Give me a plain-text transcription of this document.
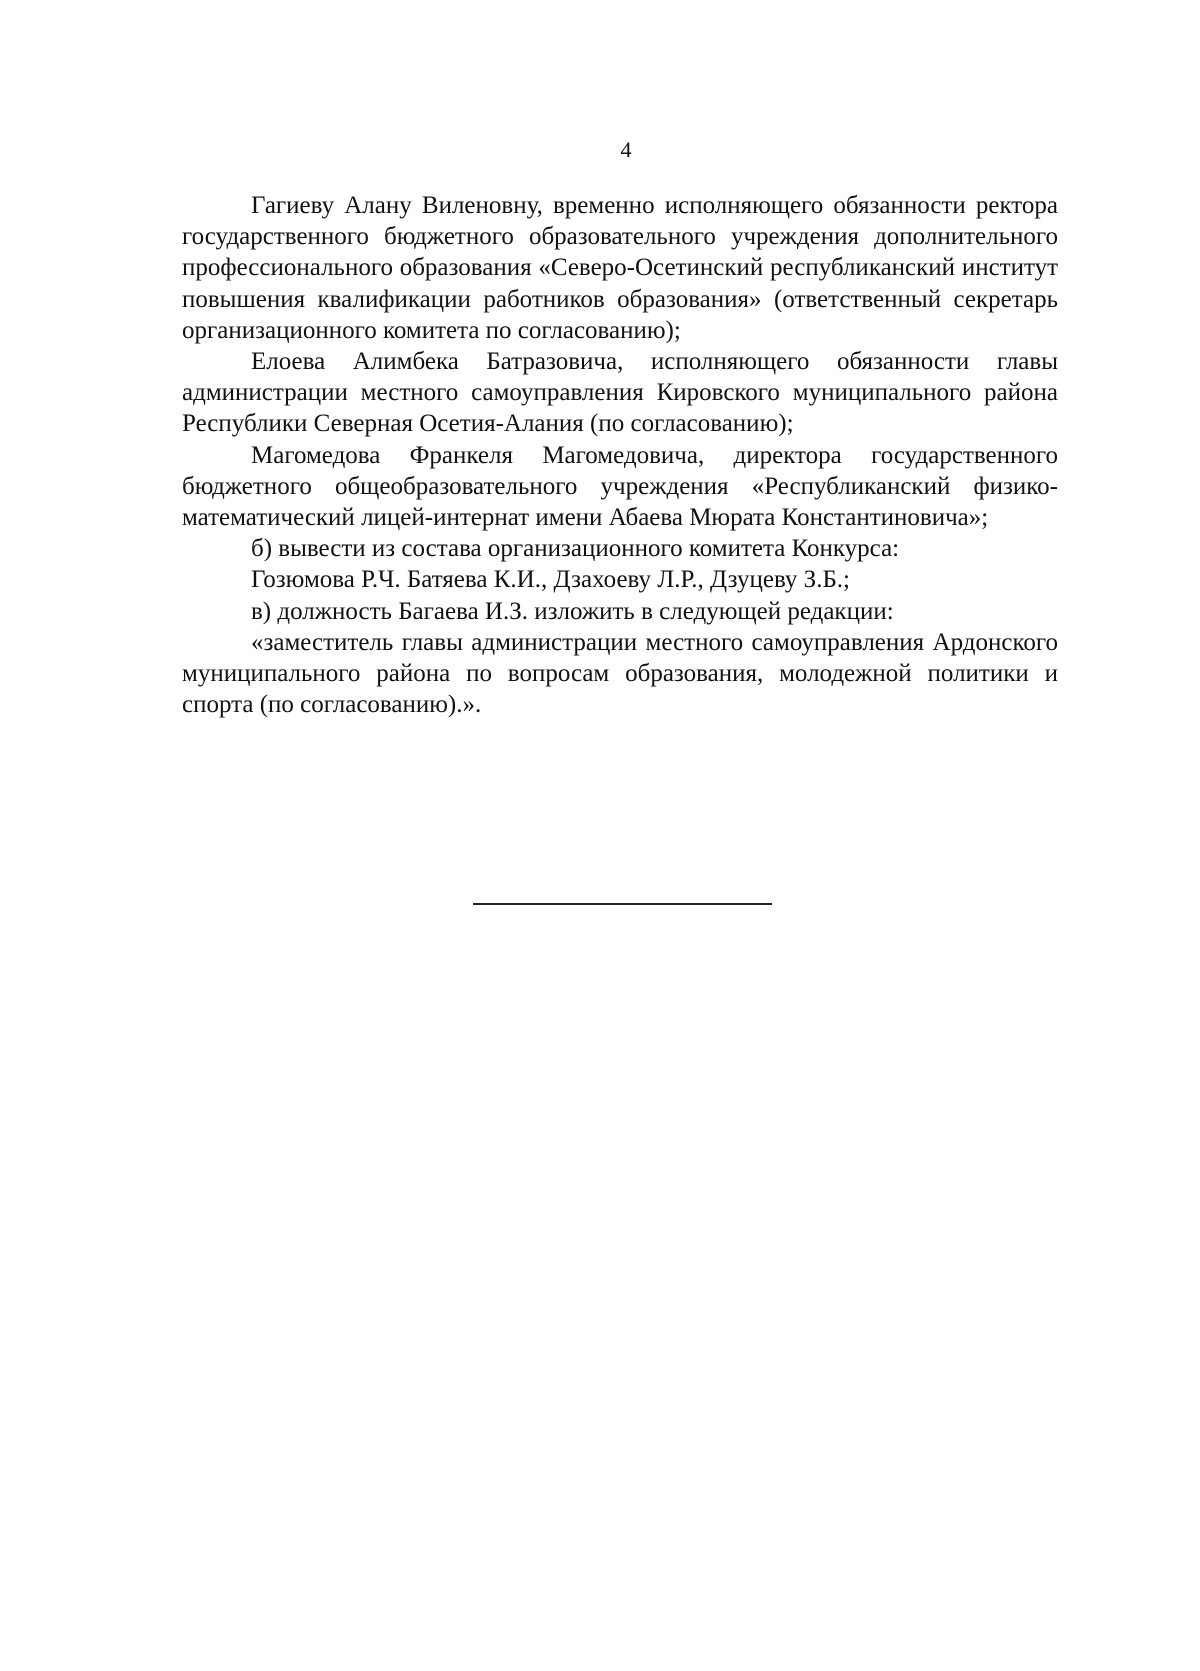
4

Гагиеву Алану Виленовну, временно исполняющего обязанности ректора государственного бюджетного образовательного учреждения дополнительного профессионального образования «Северо-Осетинский республиканский институт повышения квалификации работников образования» (ответственный секретарь организационного комитета по согласованию);

Елоева Алимбека Батразовича, исполняющего обязанности главы администрации местного самоуправления Кировского муниципального района Республики Северная Осетия-Алания (по согласованию);

Магомедова Франкеля Магомедовича, директора государственного бюджетного общеобразовательного учреждения «Республиканский физико-математический лицей-интернат имени Абаева Мюрата Константиновича»;

б) вывести из состава организационного комитета Конкурса:

Гозюмова Р.Ч. Батяева К.И., Дзахоеву Л.Р., Дзуцеву З.Б.;

в) должность Багаева И.З. изложить в следующей редакции:

«заместитель главы администрации местного самоуправления Ардонского муниципального района по вопросам образования, молодежной политики и спорта (по согласованию).».
